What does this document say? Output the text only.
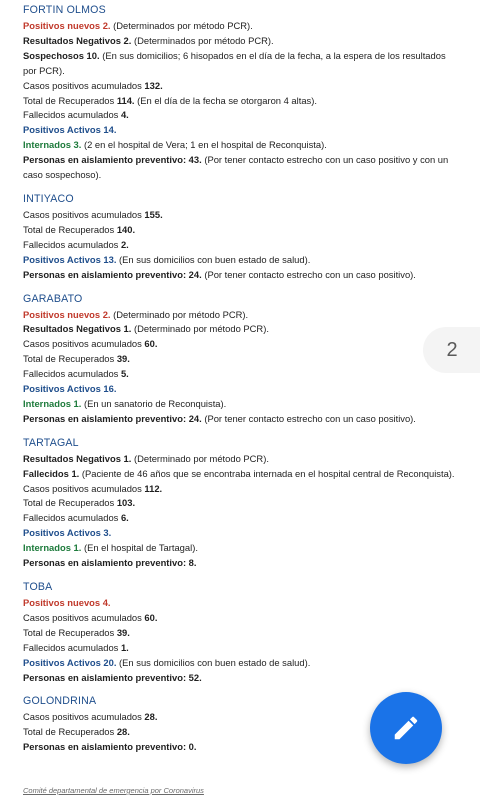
FORTIN OLMOS
Positivos nuevos 2. (Determinados por método PCR).
Resultados Negativos 2. (Determinados por método PCR).
Sospechosos 10. (En sus domicilios; 6 hisopados en el día de la fecha, a la espera de los resultados por PCR).
Casos positivos acumulados 132.
Total de Recuperados 114. (En el día de la fecha se otorgaron 4 altas).
Fallecidos acumulados 4.
Positivos Activos 14.
Internados 3. (2 en el hospital de Vera; 1 en el hospital de Reconquista).
Personas en aislamiento preventivo: 43. (Por tener contacto estrecho con un caso positivo y con un caso sospechoso).
INTIYACO
Casos positivos acumulados 155.
Total de Recuperados 140.
Fallecidos acumulados 2.
Positivos Activos 13. (En sus domicilios con buen estado de salud).
Personas en aislamiento preventivo: 24. (Por tener contacto estrecho con un caso positivo).
GARABATO
Positivos nuevos 2. (Determinado por método PCR).
Resultados Negativos 1. (Determinado por método PCR).
Casos positivos acumulados 60.
Total de Recuperados 39.
Fallecidos acumulados 5.
Positivos Activos 16.
Internados 1. (En un sanatorio de Reconquista).
Personas en aislamiento preventivo: 24. (Por tener contacto estrecho con un caso positivo).
TARTAGAL
Resultados Negativos 1. (Determinado por método PCR).
Fallecidos 1. (Paciente de 46 años que se encontraba internada en el hospital central de Reconquista).
Casos positivos acumulados 112.
Total de Recuperados 103.
Fallecidos acumulados 6.
Positivos Activos 3.
Internados 1. (En el hospital de Tartagal).
Personas en aislamiento preventivo: 8.
TOBA
Positivos nuevos 4.
Casos positivos acumulados 60.
Total de Recuperados 39.
Fallecidos acumulados 1.
Positivos Activos 20. (En sus domicilios con buen estado de salud).
Personas en aislamiento preventivo: 52.
GOLONDRINA
Casos positivos acumulados 28.
Total de Recuperados 28.
Personas en aislamiento preventivo: 0.
2
Comité departamental de emergencia por Coronavirus
